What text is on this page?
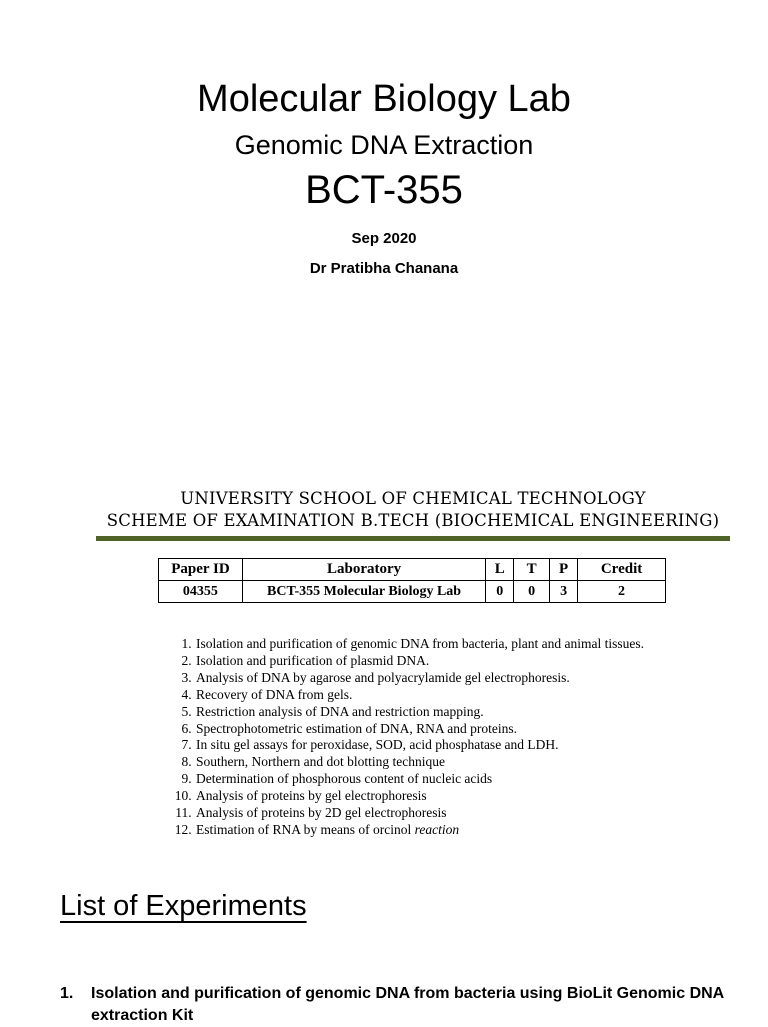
Molecular Biology Lab
Genomic DNA Extraction
BCT-355
Sep 2020
Dr Pratibha Chanana
UNIVERSITY SCHOOL OF CHEMICAL TECHNOLOGY
SCHEME OF EXAMINATION B.TECH (BIOCHEMICAL ENGINEERING)
Paper ID	Laboratory	L	T	P	Credit
04355	BCT-355 Molecular Biology Lab	0	0	3	2
1. Isolation and purification of genomic DNA from bacteria, plant and animal tissues.
2. Isolation and purification of plasmid DNA.
3. Analysis of DNA by agarose and polyacrylamide gel electrophoresis.
4. Recovery of DNA from gels.
5. Restriction analysis of DNA and restriction mapping.
6. Spectrophotometric estimation of DNA, RNA and proteins.
7. In situ gel assays for peroxidase, SOD, acid phosphatase and LDH.
8. Southern, Northern and dot blotting technique
9. Determination of phosphorous content of nucleic acids
10. Analysis of proteins by gel electrophoresis
11. Analysis of proteins by 2D gel electrophoresis
12. Estimation of RNA by means of orcinol reaction
List of Experiments
1.	Isolation and purification of genomic DNA from bacteria using BioLit Genomic DNA extraction Kit
